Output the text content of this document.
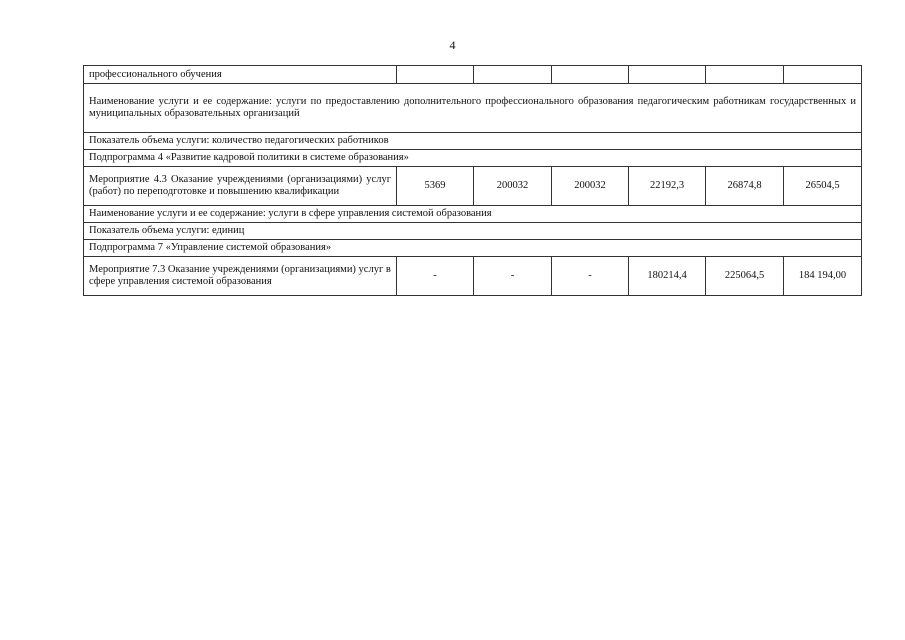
4
профессионального обучения						
Наименование услуги и ее содержание: услуги по предоставлению дополнительного профессионального образования педагогическим работникам государственных и муниципальных образовательных организаций						
Показатель объема услуги: количество педагогических работников						
Подпрограмма 4 «Развитие кадровой политики в системе образования»						
Мероприятие 4.3 Оказание учреждениями (организациями) услуг (работ) по переподготовке и повышению квалификации	5369	200032	200032	22192,3	26874,8	26504,5
Наименование услуги и ее содержание: услуги в сфере управления системой образования						
Показатель объема услуги: единиц						
Подпрограмма 7 «Управление системой образования»						
Мероприятие 7.3 Оказание учреждениями (организациями) услуг в сфере управления системой образования	-	-	-	180214,4	225064,5	184 194,00
